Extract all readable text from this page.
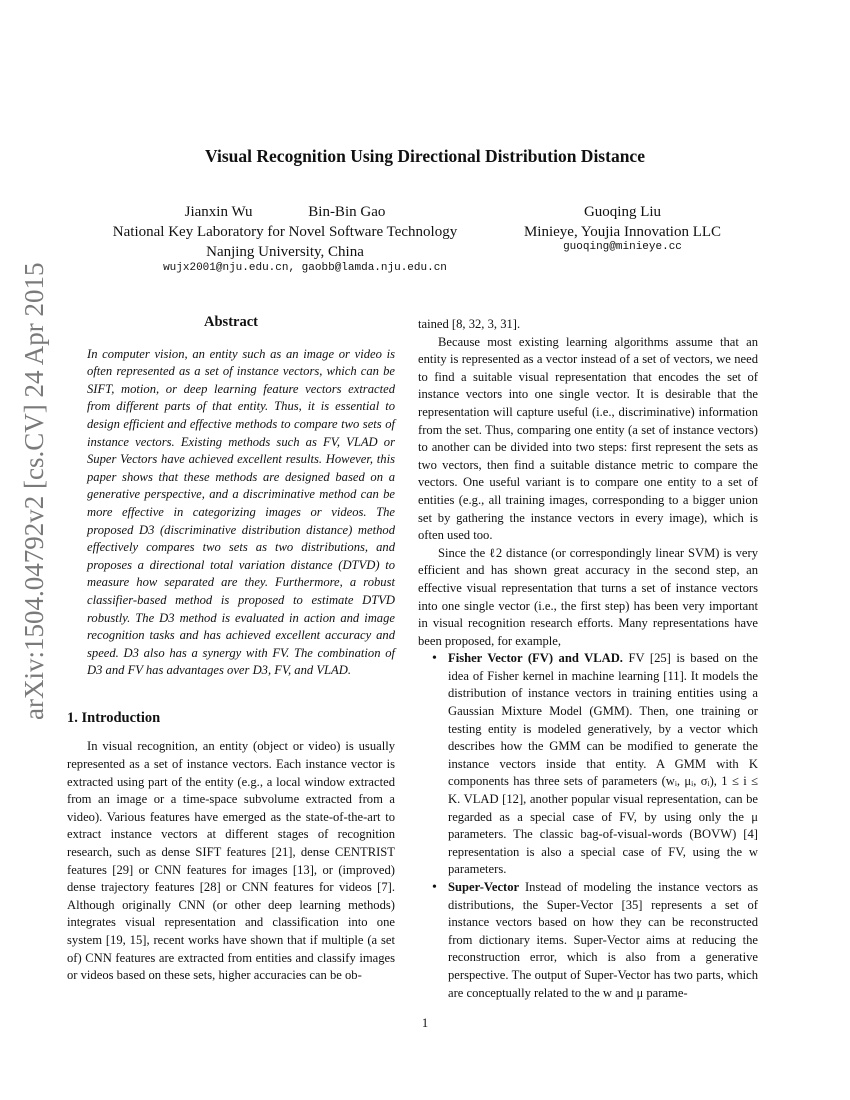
arXiv:1504.04792v2 [cs.CV] 24 Apr 2015
Visual Recognition Using Directional Distribution Distance
Jianxin Wu	Bin-Bin Gao
National Key Laboratory for Novel Software Technology
Nanjing University, China
wujx2001@nju.edu.cn, gaobb@lamda.nju.edu.cn
Guoqing Liu
Minieye, Youjia Innovation LLC
guoqing@minieye.cc
Abstract

In computer vision, an entity such as an image or video is often represented as a set of instance vectors, which can be SIFT, motion, or deep learning feature vectors extracted from different parts of that entity. Thus, it is essential to design efficient and effective methods to compare two sets of instance vectors. Existing methods such as FV, VLAD or Super Vectors have achieved excellent results. However, this paper shows that these methods are designed based on a generative perspective, and a discriminative method can be more effective in categorizing images or videos. The proposed D3 (discriminative distribution distance) method effectively compares two sets as two distributions, and proposes a directional total variation distance (DTVD) to measure how separated are they. Furthermore, a robust classifier-based method is proposed to estimate DTVD robustly. The D3 method is evaluated in action and image recognition tasks and has achieved excellent accuracy and speed. D3 also has a synergy with FV. The combination of D3 and FV has advantages over D3, FV, and VLAD.

1. Introduction

In visual recognition, an entity (object or video) is usually represented as a set of instance vectors. Each instance vector is extracted using part of the entity (e.g., a local window extracted from an image or a time-space subvolume extracted from a video). Various features have emerged as the state-of-the-art to extract instance vectors at different stages of recognition research, such as dense SIFT features [21], dense CENTRIST features [29] or CNN features for images [13], or (improved) dense trajectory features [28] or CNN features for videos [7]. Although originally CNN (or other deep learning methods) integrates visual representation and classification into one system [19, 15], recent works have shown that if multiple (a set of) CNN features are extracted from entities and classify images or videos based on these sets, higher accuracies can be ob-

tained [8, 32, 3, 31].

Because most existing learning algorithms assume that an entity is represented as a vector instead of a set of vectors, we need to find a suitable visual representation that encodes the set of instance vectors into one single vector. It is desirable that the representation will capture useful (i.e., discriminative) information from the set. Thus, comparing one entity (a set of instance vectors) to another can be divided into two steps: first represent the sets as two vectors, then find a suitable distance metric to compare the vectors. One useful variant is to compare one entity to a set of entities (e.g., all training images, corresponding to a bigger union set by gathering the instance vectors in every image), which is often used too.

Since the ℓ2 distance (or correspondingly linear SVM) is very efficient and has shown great accuracy in the second step, an effective visual representation that turns a set of instance vectors into one single vector (i.e., the first step) has been very important in visual recognition research efforts. Many representations have been proposed, for example,

• Fisher Vector (FV) and VLAD. FV [25] is based on the idea of Fisher kernel in machine learning [11]. It models the distribution of instance vectors in training entities using a Gaussian Mixture Model (GMM). Then, one training or testing entity is modeled generatively, by a vector which describes how the GMM can be modified to generate the instance vectors inside that entity. A GMM with K components has three sets of parameters (wᵢ, μᵢ, σᵢ), 1 ≤ i ≤ K. VLAD [12], another popular visual representation, can be regarded as a special case of FV, by using only the μ parameters. The classic bag-of-visual-words (BOVW) [4] representation is also a special case of FV, using the w parameters.
• Super-Vector Instead of modeling the instance vectors as distributions, the Super-Vector [35] represents a set of instance vectors based on how they can be reconstructed from dictionary items. Super-Vector aims at reducing the reconstruction error, which is also from a generative perspective. The output of Super-Vector has two parts, which are conceptually related to the w and μ parame-
1
